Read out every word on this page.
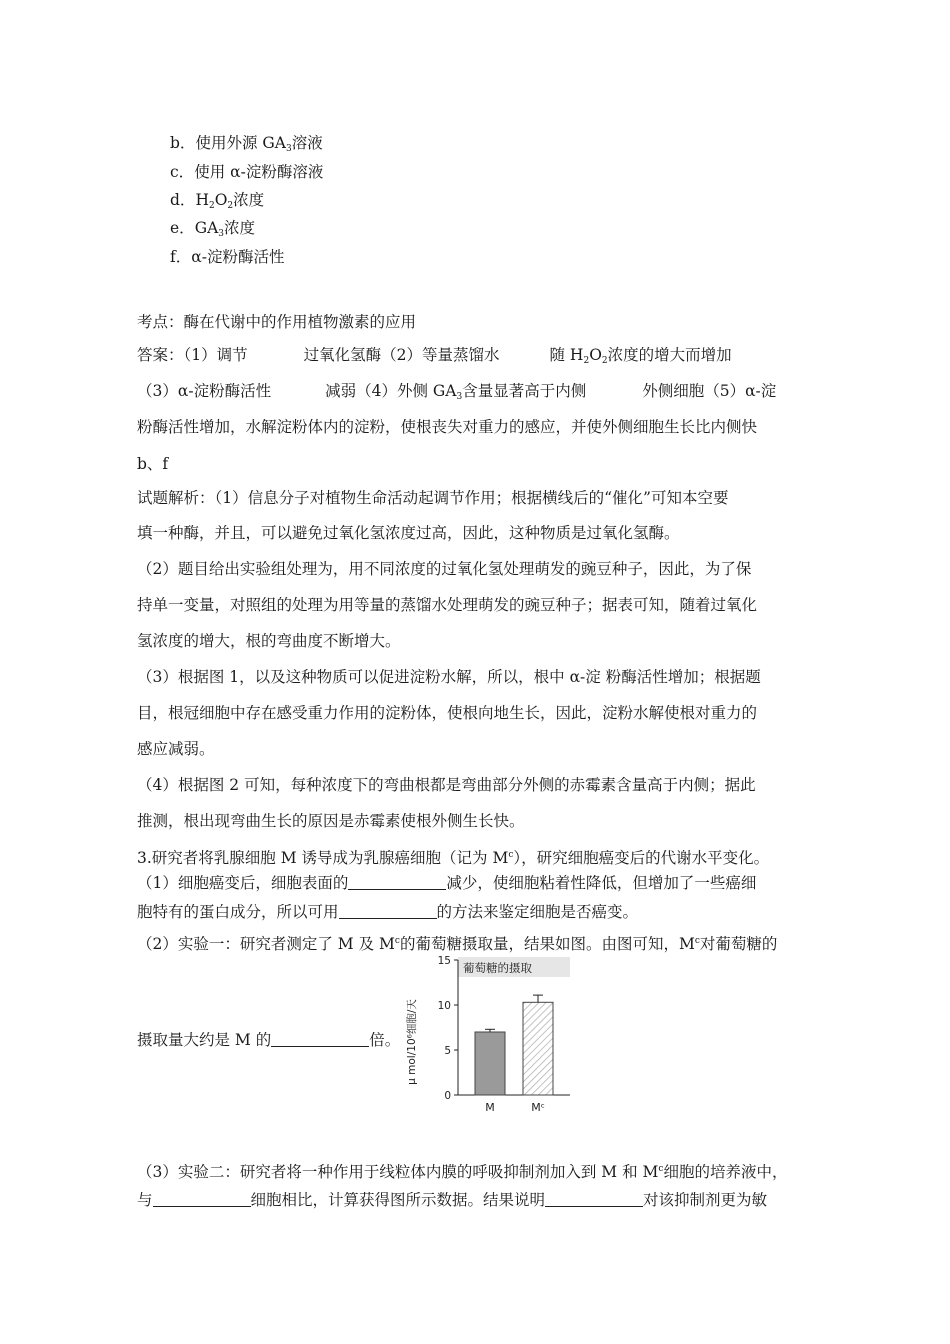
b．使用外源 $GA_3$溶液
c．使用 α-淀粉酶溶液
d．$H_2O_2$浓度
e．$GA_3$浓度
f．α-淀粉酶活性
考点：酶在代谢中的作用植物激素的应用
答案：（1）调节	过氧化氢酶（2）等量蒸馏水	随 $H_2O_2$浓度的增大而增加
（3）α-淀粉酶活性	减弱（4）外侧 $GA_3$含量显著高于内侧	外侧细胞（5）α-淀
粉酶活性增加，水解淀粉体内的淀粉，使根丧失对重力的感应，并使外侧细胞生长比内侧快
b、f
试题解析：（1）信息分子对植物生命活动起调节作用；根据横线后的“催化”可知本空要
填一种酶，并且，可以避免过氧化氢浓度过高，因此，这种物质是过氧化氢酶。
（2）题目给出实验组处理为，用不同浓度的过氧化氢处理萌发的豌豆种子，因此，为了保
持单一变量，对照组的处理为用等量的蒸馏水处理萌发的豌豆种子；据表可知，随着过氧化
氢浓度的增大，根的弯曲度不断增大。
（3）根据图 1，以及这种物质可以促进淀粉水解，所以，根中 α-淀 粉酶活性增加；根据题
目，根冠细胞中存在感受重力作用的淀粉体，使根向地生长，因此，淀粉水解使根对重力的
感应减弱。
（4）根据图 2 可知，每种浓度下的弯曲根都是弯曲部分外侧的赤霉素含量高于内侧；据此
推测，根出现弯曲生长的原因是赤霉素使根外侧生长快。
3.研究者将乳腺细胞 M 诱导成为乳腺癌细胞（记为 $M^c$），研究细胞癌变后的代谢水平变化。
（1）细胞癌变后，细胞表面的	减少，使细胞粘着性降低，但增加了一些癌细
胞特有的蛋白成分，所以可用	的方法来鉴定细胞是否癌变。
（2）实验一：研究者测定了 M 及 $M^c$的葡萄糖摄取量，结果如图。由图可知，$M^c$对葡萄糖的
摄取量大约是 M 的	倍。
葡萄糖的摄取
μ mol/10⁶细胞/天
0
5
10
15
M	Mᶜ
（3）实验二：研究者将一种作用于线粒体内膜的呼吸抑制剂加入到 M 和 $M^c$细胞的培养液中，
与	细胞相比，计算获得图所示数据。结果说明	对该抑制剂更为敏
